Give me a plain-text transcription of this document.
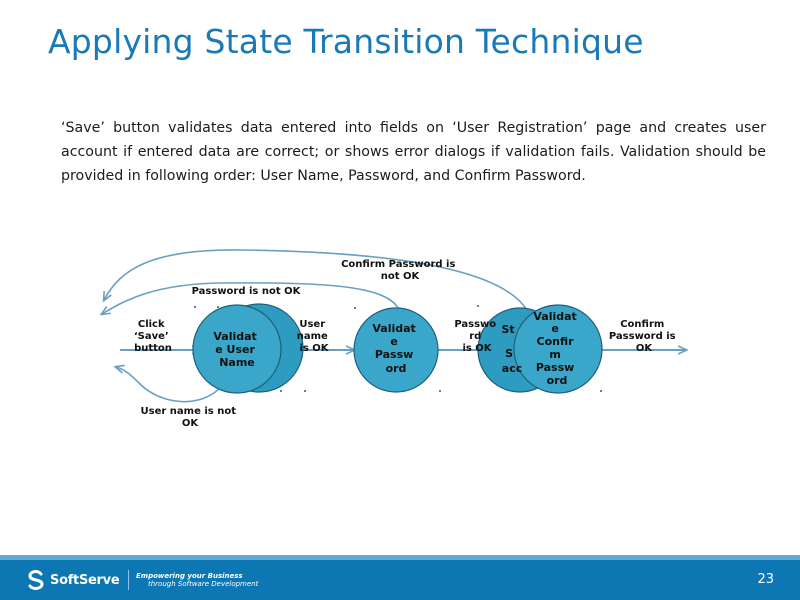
Applying State Transition Technique

‘Save’ button validates data entered into fields on ‘User Registration’ page and creates user account if entered data are correct; or shows error dialogs if validation fails. Validation should be provided in following order: User Name, Password, and Confirm Password.

Validat e User Name
Validat e Passw ord
St S acc
Validat e Confir m Passw ord
Click ‘Save’ button
User name is OK
Passwo rd is OK
Confirm Password is OK
User name is not OK
Password is not OK
Confirm Password is not OK
SoftServe Empowering your Business
through Software Development	23
